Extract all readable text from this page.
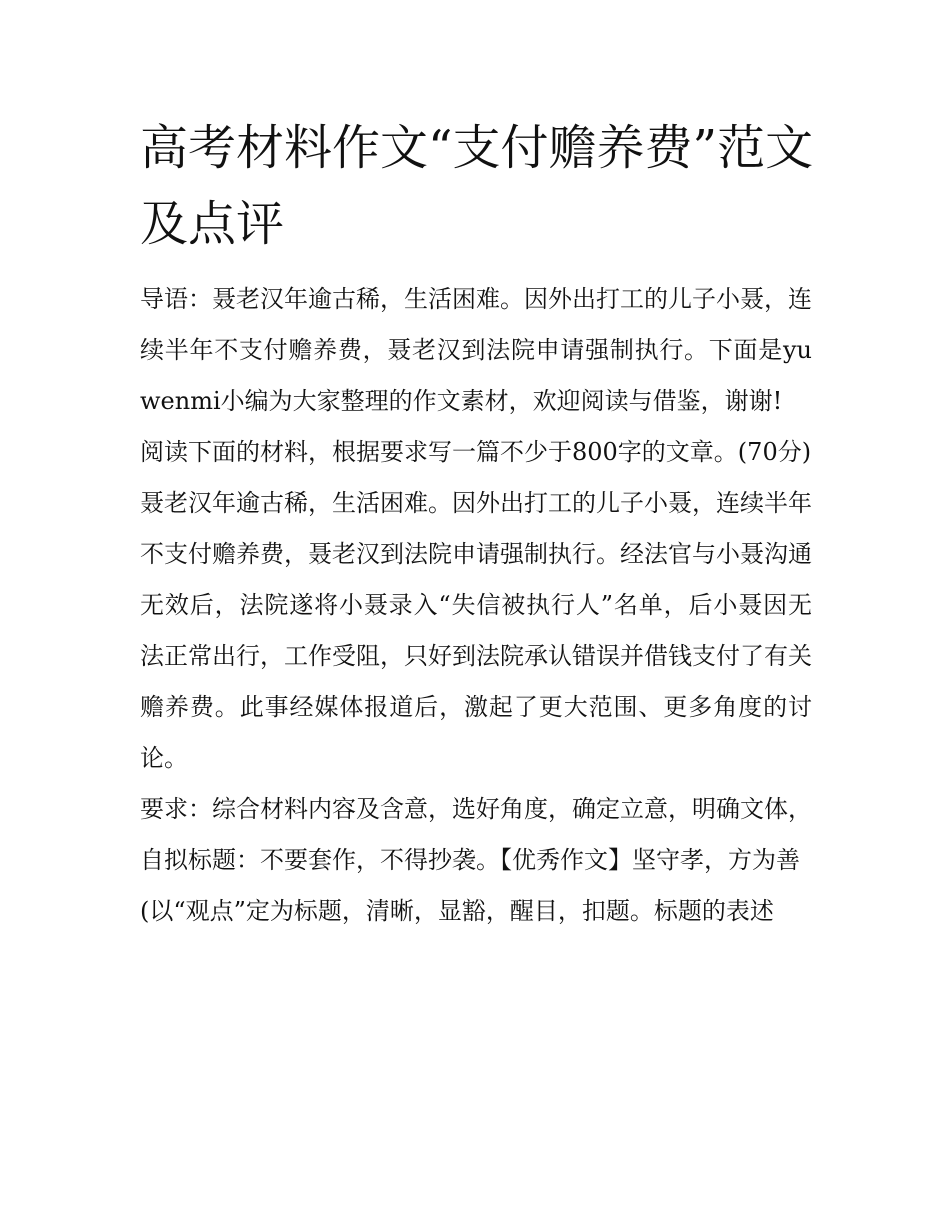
高考材料作文“支付赡养费”范文及点评

导语：聂老汉年逾古稀，生活困难。因外出打工的儿子小聂，连续半年不支付赡养费，聂老汉到法院申请强制执行。下面是yuwenmi小编为大家整理的作文素材，欢迎阅读与借鉴，谢谢!

阅读下面的材料，根据要求写一篇不少于800字的文章。(70分)

聂老汉年逾古稀，生活困难。因外出打工的儿子小聂，连续半年不支付赡养费，聂老汉到法院申请强制执行。经法官与小聂沟通无效后，法院遂将小聂录入“失信被执行人”名单，后小聂因无法正常出行，工作受阻，只好到法院承认错误并借钱支付了有关赡养费。此事经媒体报道后，激起了更大范围、更多角度的讨论。

要求：综合材料内容及含意，选好角度，确定立意，明确文体，自拟标题：不要套作，不得抄袭。【优秀作文】坚守孝，方为善

(以“观点”定为标题，清晰，显豁，醒目，扣题。标题的表述
